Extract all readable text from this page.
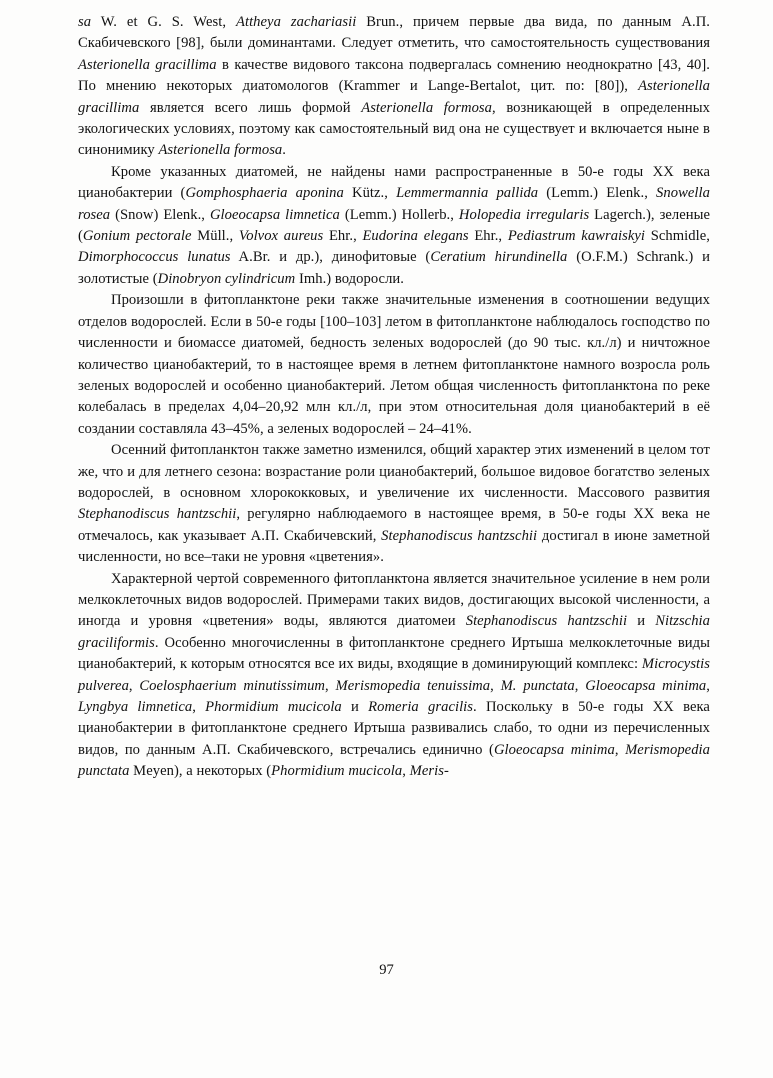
sa W. et G. S. West, Attheya zachariasii Brun., причем первые два вида, по данным А.П. Скабичевского [98], были доминантами. Следует отметить, что самостоятельность существования Asterionella gracillima в качестве видового таксона подвергалась сомнению неоднократно [43, 40]. По мнению некоторых диатомологов (Krammer и Lange-Bertalot, цит. по: [80]), Asterionella gracillima является всего лишь формой Asterionella formosa, возникающей в определенных экологических условиях, поэтому как самостоятельный вид она не существует и включается ныне в синонимику Asterionella formosa.

Кроме указанных диатомей, не найдены нами распространенные в 50-е годы XX века цианобактерии (Gomphosphaeria aponina Kütz., Lemmermannia pallida (Lemm.) Elenk., Snowella rosea (Snow) Elenk., Gloeocapsa limnetica (Lemm.) Hollerb., Holopedia irregularis Lagerch.), зеленые (Gonium pectorale Müll., Volvox aureus Ehr., Eudorina elegans Ehr., Pediastrum kawraiskyi Schmidle, Dimorphococcus lunatus A.Br. и др.), динофитовые (Ceratium hirundinella (O.F.M.) Schrank.) и золотистые (Dinobryon cylindricum Imh.) водоросли.

Произошли в фитопланктоне реки также значительные изменения в соотношении ведущих отделов водорослей. Если в 50-е годы [100–103] летом в фитопланктоне наблюдалось господство по численности и биомассе диатомей, бедность зеленых водорослей (до 90 тыс. кл./л) и ничтожное количество цианобактерий, то в настоящее время в летнем фитопланктоне намного возросла роль зеленых водорослей и особенно цианобактерий. Летом общая численность фитопланктона по реке колебалась в пределах 4,04–20,92 млн кл./л, при этом относительная доля цианобактерий в её создании составляла 43–45%, а зеленых водорослей – 24–41%.

Осенний фитопланктон также заметно изменился, общий характер этих изменений в целом тот же, что и для летнего сезона: возрастание роли цианобактерий, большое видовое богатство зеленых водорослей, в основном хлорококковых, и увеличение их численности. Массового развития Stephanodiscus hantzschii, регулярно наблюдаемого в настоящее время, в 50-е годы XX века не отмечалось, как указывает А.П. Скабичевский, Stephanodiscus hantzschii достигал в июне заметной численности, но все–таки не уровня «цветения».

Характерной чертой современного фитопланктона является значительное усиление в нем роли мелкоклеточных видов водорослей. Примерами таких видов, достигающих высокой численности, а иногда и уровня «цветения» воды, являются диатомеи Stephanodiscus hantzschii и Nitzschia graciliformis. Особенно многочисленны в фитопланктоне среднего Иртыша мелкоклеточные виды цианобактерий, к которым относятся все их виды, входящие в доминирующий комплекс: Microcystis pulverea, Coelosphaerium minutissimum, Merismopedia tenuissima, M. punctata, Gloeocapsa minima, Lyngbya limnetica, Phormidium mucicola и Romeria gracilis. Поскольку в 50-е годы XX века цианобактерии в фитопланктоне среднего Иртыша развивались слабо, то одни из перечисленных видов, по данным А.П. Скабичевского, встречались единично (Gloeocapsa minima, Merismopedia punctata Meyen), а некоторых (Phormidium mucicola, Meris-

97
